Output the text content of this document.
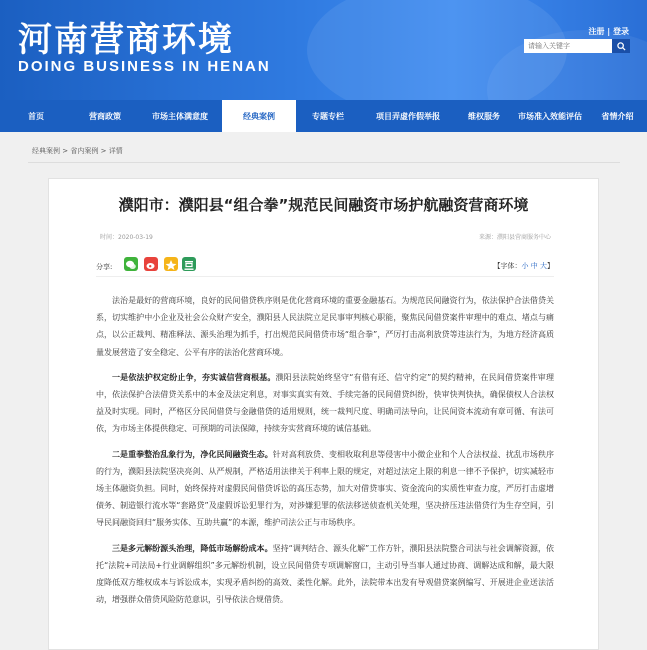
河南营商环境
DOING BUSINESS IN HENAN
注册 | 登录
请输入关键字
首页	营商政策	市场主体满意度	经典案例	专题专栏	项目弄虚作假举报	维权服务	市场准入效能评估	省情介绍
经典案例 > 省内案例 > 详情
濮阳市：濮阳县“组合拳”规范民间融资市场护航融资营商环境
时间：2020-03-19	来源：濮阳县营商服务中心
分享:	【字体：小 中 大】

法治是最好的营商环境，良好的民间借贷秩序则是优化营商环境的重要金融基石。为规范民间融资行为，依法保护合法借贷关系，切实维护中小企业及社会公众财产安全，濮阳县人民法院立足民事审判核心职能，聚焦民间借贷案件审理中的难点、堵点与痛点，以公正裁判、精准释法、源头治理为抓手，打出规范民间借贷市场“组合拳”，严厉打击高利放贷等违法行为，为地方经济高质量发展营造了安全稳定、公平有序的法治化营商环境。

一是依法护权定纷止争，夯实诚信营商根基。濮阳县法院始终坚守“有借有还、信守约定”的契约精神，在民间借贷案件审理中，依法保护合法借贷关系中的本金及法定利息，对事实真实有效、手续完备的民间借贷纠纷，快审快判快执，确保债权人合法权益及时实现。同时，严格区分民间借贷与金融借贷的适用规则，统一裁判尺度、明确司法导向，让民间资本流动有章可循、有法可依，为市场主体提供稳定、可预期的司法保障，持续夯实营商环境的诚信基础。

二是重拳整治乱象行为，净化民间融资生态。针对高利放贷、变相收取利息等侵害中小微企业和个人合法权益、扰乱市场秩序的行为，濮阳县法院坚决亮剑、从严规制，严格适用法律关于利率上限的规定，对超过法定上限的利息一律不予保护，切实减轻市场主体融资负担。同时，始终保持对虚假民间借贷诉讼的高压态势，加大对借贷事实、资金流向的实质性审查力度，严厉打击虚增债务、制造银行流水等“套路贷”及虚假诉讼犯罪行为，对涉嫌犯罪的依法移送侦查机关处理，坚决挤压违法借贷行为生存空间，引导民间融资回归“服务实体、互助共赢”的本源，维护司法公正与市场秩序。

三是多元解纷源头治理，降低市场解纷成本。坚持“调判结合、源头化解”工作方针，濮阳县法院整合司法与社会调解资源，依托“法院+司法局+行业调解组织”多元解纷机制，设立民间借贷专项调解窗口，主动引导当事人通过协商、调解达成和解，最大限度降低双方维权成本与诉讼成本，实现矛盾纠纷的高效、柔性化解。此外，法院带本出发有导观借贷案例编写、开展进企业送法活动，增强群众借贷风险防范意识，引导依法合规借贷。
